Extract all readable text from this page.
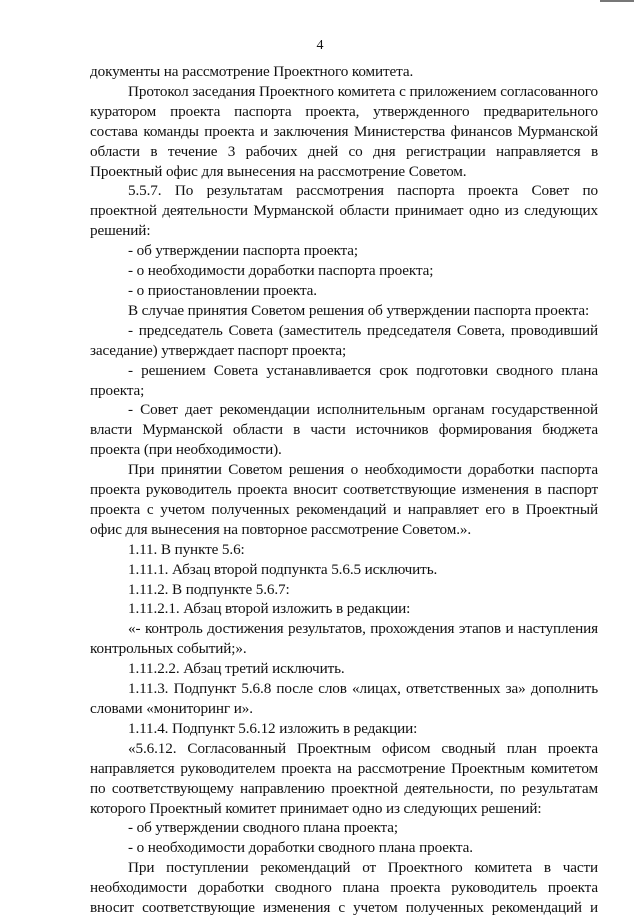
4

документы на рассмотрение Проектного комитета.

Протокол заседания Проектного комитета с приложением согласованного куратором проекта паспорта проекта, утвержденного предварительного состава команды проекта и заключения Министерства финансов Мурманской области в течение 3 рабочих дней со дня регистрации направляется в Проектный офис для вынесения на рассмотрение Советом.

5.5.7. По результатам рассмотрения паспорта проекта Совет по проектной деятельности Мурманской области принимает одно из следующих решений:

- об утверждении паспорта проекта;

- о необходимости доработки паспорта проекта;

- о приостановлении проекта.

В случае принятия Советом решения об утверждении паспорта проекта:

- председатель Совета (заместитель председателя Совета, проводивший заседание) утверждает паспорт проекта;

- решением Совета устанавливается срок подготовки сводного плана проекта;

- Совет дает рекомендации исполнительным органам государственной власти Мурманской области в части источников формирования бюджета проекта (при необходимости).

При принятии Советом решения о необходимости доработки паспорта проекта руководитель проекта вносит соответствующие изменения в паспорт проекта с учетом полученных рекомендаций и направляет его в Проектный офис для вынесения на повторное рассмотрение Советом.».

1.11. В пункте 5.6:

1.11.1. Абзац второй подпункта 5.6.5 исключить.

1.11.2. В подпункте 5.6.7:

1.11.2.1. Абзац второй изложить в редакции:

«- контроль достижения результатов, прохождения этапов и наступления контрольных событий;».

1.11.2.2. Абзац третий исключить.

1.11.3. Подпункт 5.6.8 после слов «лицах, ответственных за» дополнить словами «мониторинг и».

1.11.4. Подпункт 5.6.12 изложить в редакции:

«5.6.12. Согласованный Проектным офисом сводный план проекта направляется руководителем проекта на рассмотрение Проектным комитетом по соответствующему направлению проектной деятельности, по результатам которого Проектный комитет принимает одно из следующих решений:

- об утверждении сводного плана проекта;

- о необходимости доработки сводного плана проекта.

При поступлении рекомендаций от Проектного комитета в части необходимости доработки сводного плана проекта руководитель проекта вносит соответствующие изменения с учетом полученных рекомендаций и
